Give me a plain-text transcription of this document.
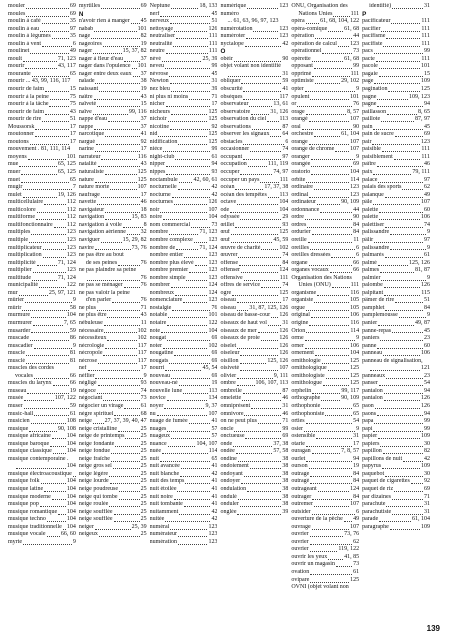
mouler	69
moules	69
moulin à café	35
moulin à eau	97
moulin à légumes	35
moulin à vent	6
moulinet	49
moult	71, 123
mourir	43, 117
mourante	65
mourir ... 43, 99, 116, 117
mourir de faim	15
mourir à la peine	75
mourir à la tâche	75
mourir de faim	43
mourir de rire	51
Moussorsk	17
moutonner	17
moutons	17
mouvement . 81, 111, 114
moyens	101
mue	65, 125
muer	65, 125
muet	65
mugir	7
mulet	19, 126
multicellulaire	112
multicolore	112
multiforme	112
multifonctionnaire 112
multiples	123
multiple	123
multiplicateur	123
multiplication	123
multiplicité	71, 124
multiplier	123
multitude	71, 124
municipalité	122
mur	25, 97, 121
mûrier	9
mûrir	58
murmure	104
murmurer	7, 65
musarder	59
muscade	86
muscadier	9
muscle	81
musclé	81
muscles des cordes
vocales	66
muscles du larynx	66
museau	19
musée	107, 122
muser	59
music-hall	61
musicien	108
musique	90, 108
musique africaine	104
musique baroque	104
musique classique	104
musique contemporaine .
104
musique électroacoustique
musique folk	104
musique latine	104
musique moderne	104
musique pop	104
musique romantique 104
musique techno	104
musique traditionnelle 104
musique vocale	66, 60
myrte	9
myrtilles	69
N
n'avoir rien à manger 45
nabab	101
nage	82
nageoires	19
nager	15, 37, 82
nager à fleur d'eau	37
nager dans l'opulence 101
nager entre deux eaux 37
naïade	38
naissant	19
naître	43
naïveté	15
naïve	99, 116
nappe d'eau	37
nappe	37
narcotique	41
nargué	92
narine	17
narrateur	116
natalité	43
naturaliste	125
nature	125
nature morte	107
naufrage	17
navette	46
navigateur	18
navigation	15, 83
navigation à voile	8
navigation aérienne 32
naviguer	15, 29, 82
navire	73, 76
ne pas être au bout
de ses peines	76
ne pas plaindre sa peine
76
ne pas se ménager	76
ne pas valoir la peine
d'en parler	76
ne plus	71
ne plus être	43
nébuleuse	11
nécessaire	102
nécessiteux	102
nécrologie	117
nécropole	117
nécrose	117
nef	17
néflier	9
négligé	93
négoce	74
négociant	73
négocier un virage	61
nègre spirituel	68
neige 27, 37, 39, 40, 47
neige cristalline	25
neige de printemps	25
neige fondante	25
neige fondue	25
neige fraîche	25
neige gros sel	25
neige légère	25
neige lourde	25
neige poudreuse	25
neige qui tombe	25
neige roulée	25
neige soufflée	25
neige soufflée	25
neiger	25, 39
neigeux	25
Neptune	18, 133
nerf	45
nerveux	51
nettoyage	126
neutraliser	111
neutralité	111
neutre	111
névé	25, 39
neveu	99
névrose	45
Newton	31
nez bleu	39
ni plus ni moins	71
nicher	17
nicheurs	125
nichoir	125
nicotine	92
nid	125
nidification	125
nièce	99
night-club	61
nipper	94
nippes	93
noctambule	42, 60, 61
nocturnelle	42
nocturne	42
nocturnes	126
noir	107
noire	104
nom commercial	73
nombre	71, 123
nombre complexe	123
nombre de	71, 124
nombre entier	123
nombre plus élevé 123
nombre premier	123
nombre simple	123
nombrer	124
nombreux	124
nomenclature	123
nostalgie	76
notable	101
notaire	122
note	104
nougat	69
noter	102
nougatine	69
nougats	69
nourri	45, 54
nouveau	69
nouveau-né	19
nouvelle lune	113
novice	134
noyer	9, 37
nu	107
nuage de fumée	41
nuages	57
nuageux	57
nuance	104, 107
nuée	114
nuit	65
nuit avancée	41
nuit blanche	42
nuit des temps	41
nuit étoilée	41
nuit noire	41
nuit tombante	41
nuitamment	42
nuitée	42
numéral	123
numérateur	123
numération	123
numérique	123
numéro
... 61, 63, 96, 97, 123
numérotation	123
numéroter	123
nyctalope	42
O
obéir	90
objet volant non identifié
31
obliquer	59
obscurité	41
obsèques	117
observateur	13, 61
observatoire	31, 126
observation du ciel 113
observations	87
observer les signaux 64
obstacles	6
occasionner	74
occupant	97
occupation	111, 119
occuper	74, 97
occuper un pays	111
océan	17, 37, 38
océan des tempêtes 113
octave	104
ode	104
odyssée	29
œillet	93
œuf	125
œuf	45, 59
œuvre de charité	102
œuvrer	74
offense	84
offenser	124
offensive	111
offres de service	74
ogre	125
oiseau	17
oiseau 31, 87, 125, 126
oiseau de basse-cour 126
oiseaux de haut vol	31
oiseaux de mer	126
oiseaux de proie	126
oiselet	126
oiseleur	126
oisillon	125, 126
oisiveté	107
olivier	9, 111
ombre	106, 107, 113
ombrelle	87
omelette	46
omniprésent	31
omnivore	46
on ne peut plus	71
oncle	99
onctueuse	69
onde	37, 38
ondée	57, 58
ondine	38
ondoiement	38
ondoyant	38
ondoyer	38
ondulation	38
ondulé	38
onduler	38
onglée	39
ONU, Organisation des
Nations Unies	111
opéra	61, 68, 104, 122
opéra-comique	61, 68
opération	44
opération de calcul 123
opérationnel	73
opérette	61, 68
opposant	99
opprimé	111
optimiste	29, 102
opter	9
opulent	101
or	76
orage	8, 57
orangé	107
oral	90
orchestre	61, 104
orange	107
orange de chrome	107
oranger	9
orangée	69
oratorio	104
orbite	114
ordinaire	123
ordinal	123
ordinateur	90, 109
ordonnance	44
ordre	90
ordres	84
ordurier	84
oreille	11
oreilles	6
oreilles dressées	6
organe	66
organes vocaux	66
Organisation des Nations
Unies (ONU)	111
organisme	116
organiste	105
orgue	105
original	106
origine	116
Orion	114
orme	9
orner	106
ornement	104
ornithologie	125
ornithologique	125
ornithologiste	125
ornithologue	125
orphelin	99, 117
orthographe	90, 109
orthophonie	65
orthophoniste	65
orties	54
osier	9
ostensible	31
otarie	17
ouragan	7, 8, 57
ourlet	94
ourson	19
outrage	84
outragé	84
outrageant	124
outrager	84
outremer	107
outsider	6
ouverture de la pêche 49
ouvrage	107
ouvrier	73, 76
ouvrier	62
ouvrier	119, 122
ouvrir les yeux	41, 85
ouvrir un magasin	73
ovation	61
ovipare	125
OVNI (objet volant non
identifié)	31
P
pacificateur	111
pacifier	111
pacifisme	111
pacifiste	111
pacs	99
pacte	111
pacole	101
pagaie	15
page	109
pagination	125
pagne	109, 123
pagne	94
paillasson	8, 65
paillote	87, 97
pain	45
pain de sucre	69
pair	123
paisible	111
paisiblement	111
paître	46
paix	79, 111
palace	97
palais des sports	62
palanque	49
pâle	107
palette	60
palette	106
palettiser	74
palissandre	9
pâlir	97
palissandre	9
palmarès	61
palmé	125, 126
palmes	81, 87
palmier	9
palombe	126
palpitant	115
pâmer de rire	51
pamphlet	84
pamplemousse	9
panier	49, 87
panne-repas	45
paniers	23
panne	60
panneau	106
panneau de signalisation,
121
panneaux	23
panser	54
pantalon	94
pantalon	126
paon	126
paons	94
papa	99
papi	99
papier	109
papiers	30
papillon	82
papillons de nuit	42
papyrus	109
paquebot	30
paquet de cigarettes 92
paquet de riz	69
par dizaines	71
parachute	31
parachutiste	31
parade	61, 104
paragraphe	109
139
